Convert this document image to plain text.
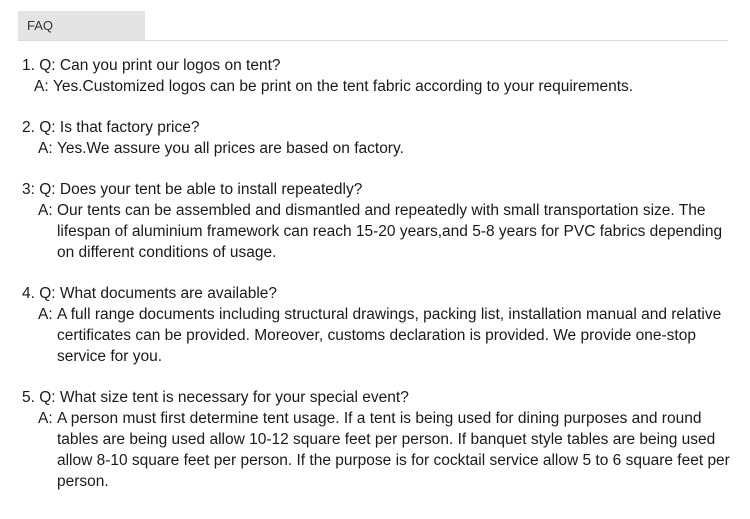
FAQ
1. Q: Can you print our logos on tent?
A: Yes.Customized logos can be print on the tent fabric according to your requirements.
2. Q: Is that factory price?
A: Yes.We assure you all prices are based on factory.
3: Q: Does your tent be able to install repeatedly?
A: Our tents can be assembled and dismantled and repeatedly with small transportation size. The lifespan of aluminium framework can reach 15-20 years,and 5-8 years for PVC fabrics depending on different conditions of usage.
4. Q: What documents are available?
A: A full range documents including structural drawings, packing list, installation manual and relative certificates can be provided. Moreover, customs declaration is provided. We provide one-stop service for you.
5. Q: What size tent is necessary for your special event?
A: A person must first determine tent usage. If a tent is being used for dining purposes and round tables are being used allow 10-12 square feet per person. If banquet style tables are being used allow 8-10 square feet per person. If the purpose is for cocktail service allow 5 to 6 square feet per person.
